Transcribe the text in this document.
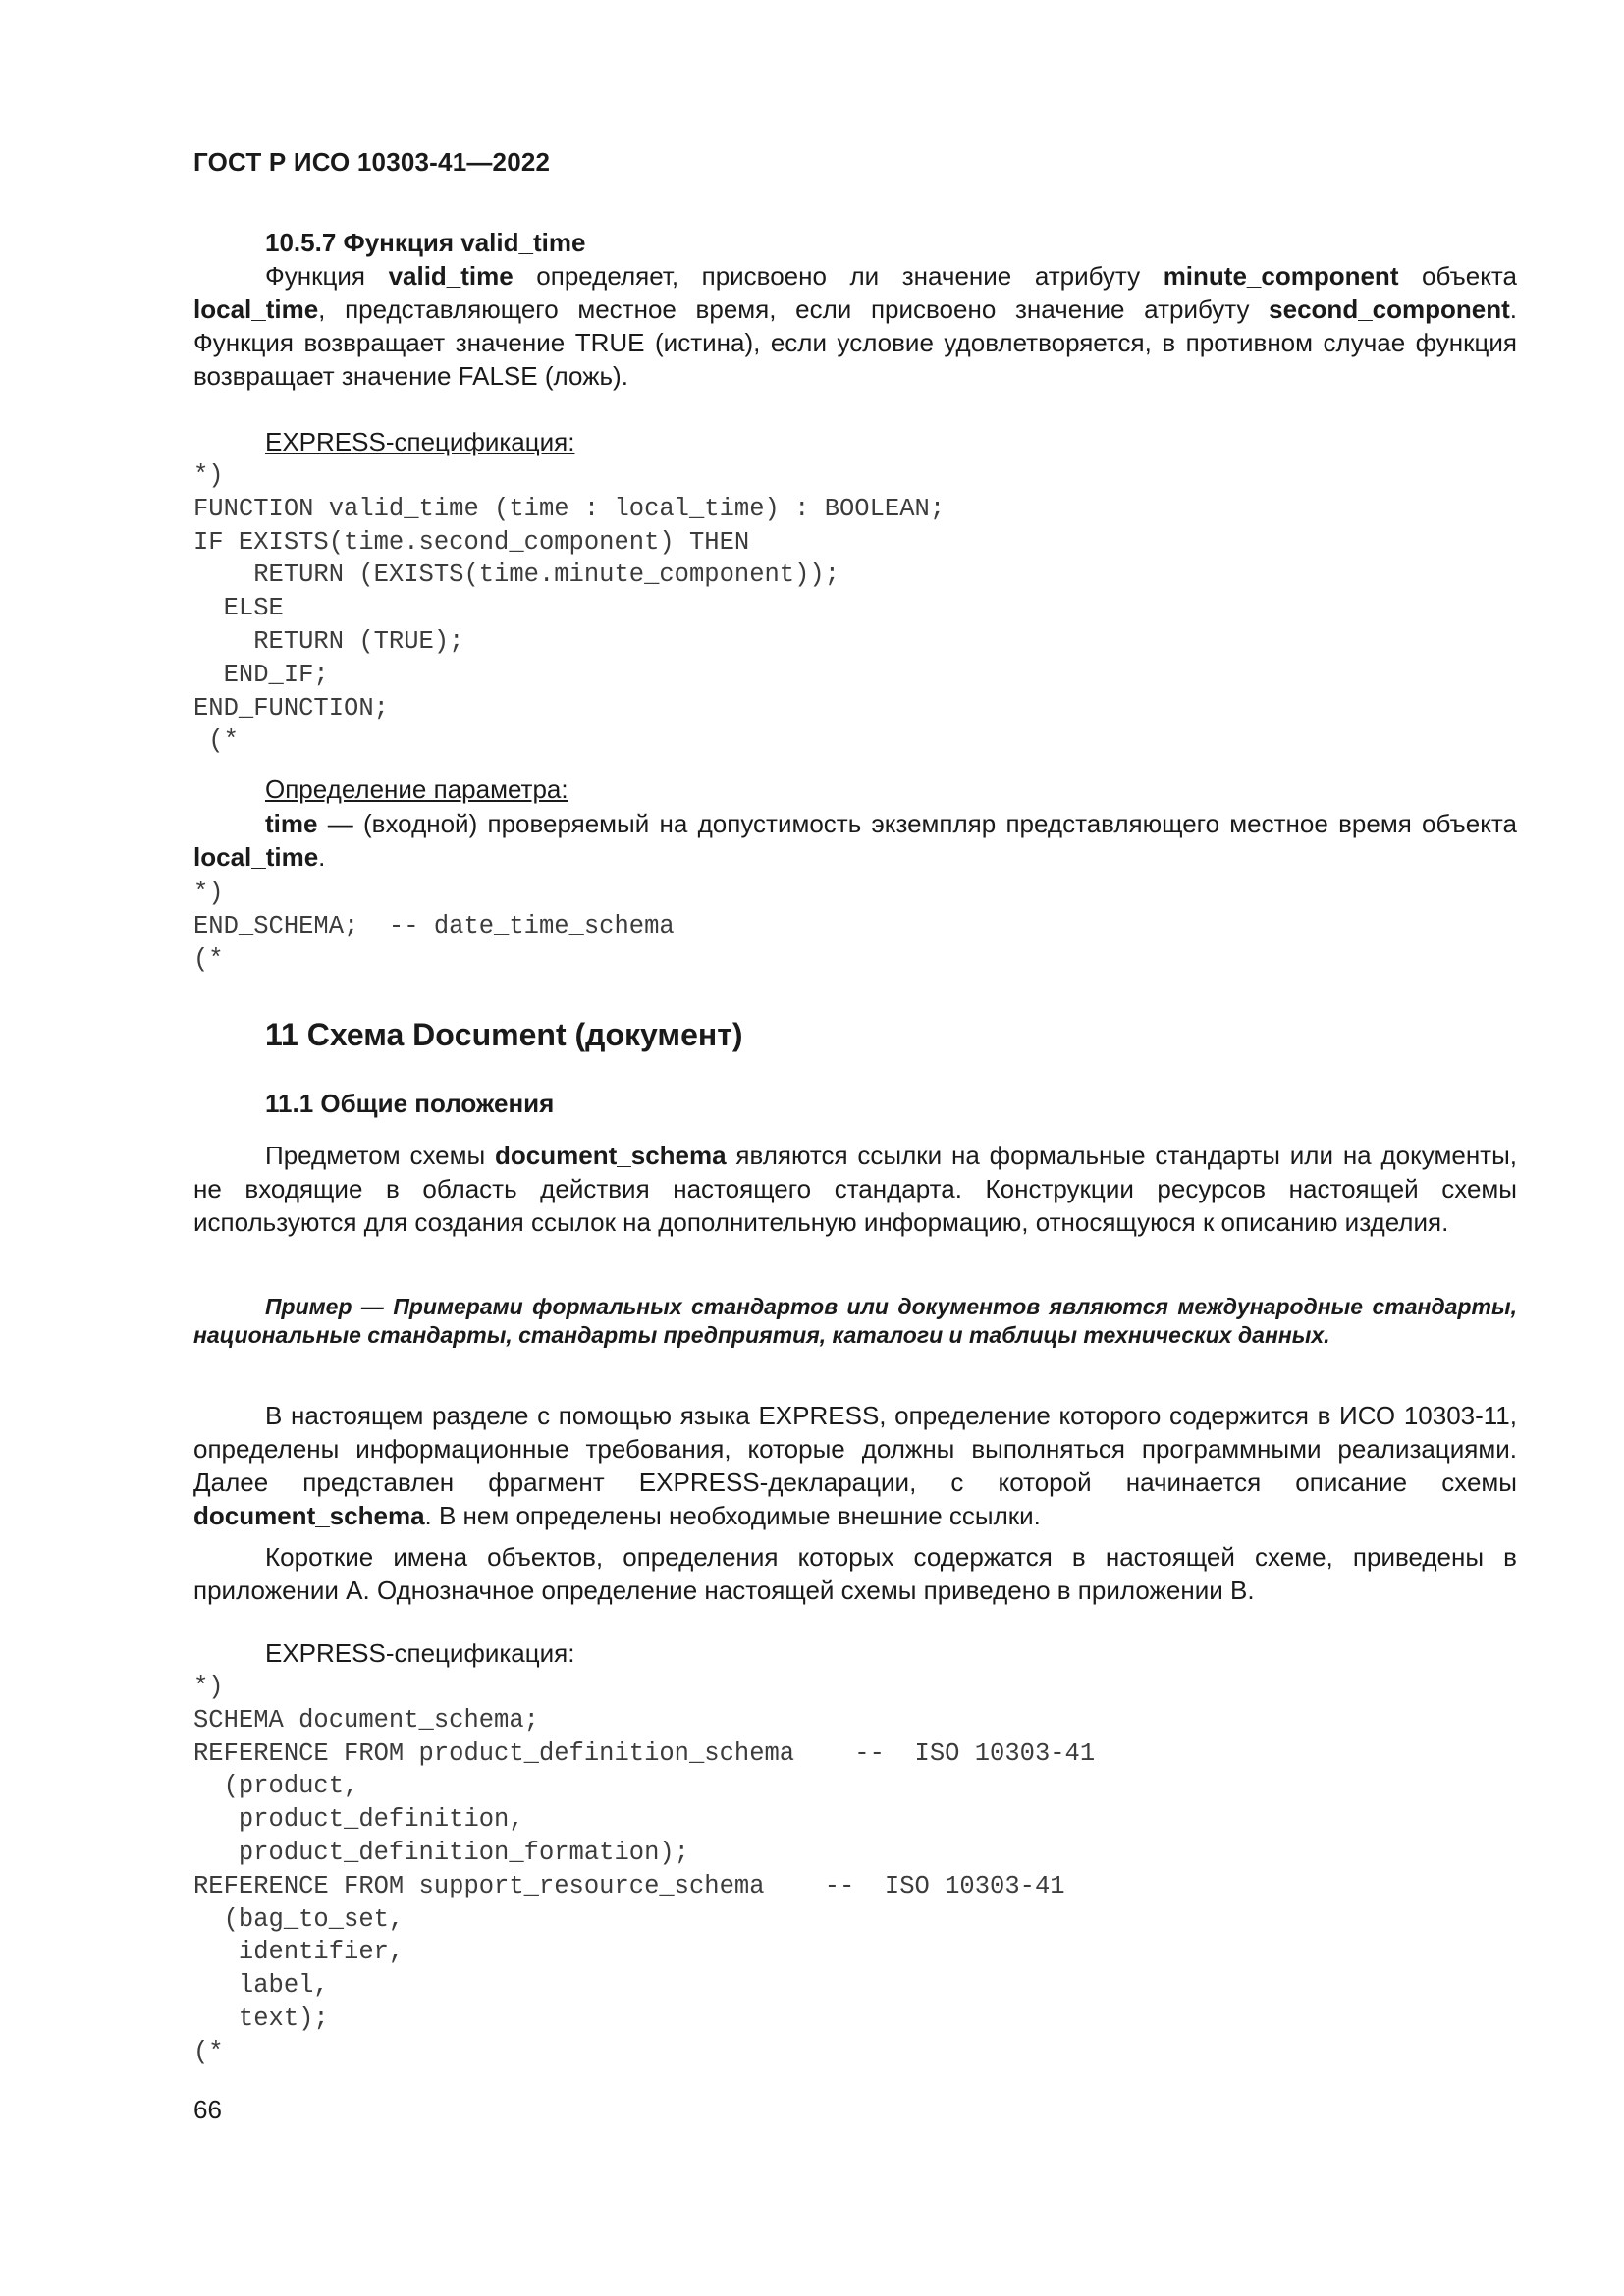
ГОСТ Р ИСО 10303-41—2022
10.5.7 Функция valid_time
Функция valid_time определяет, присвоено ли значение атрибуту minute_component объекта local_time, представляющего местное время, если присвоено значение атрибуту second_component. Функция возвращает значение TRUE (истина), если условие удовлетворяется, в противном случае функция возвращает значение FALSE (ложь).
EXPRESS-спецификация:
*)
FUNCTION valid_time (time : local_time) : BOOLEAN;
IF EXISTS(time.second_component) THEN
RETURN (EXISTS(time.minute_component));
ELSE
RETURN (TRUE);
END_IF;
END_FUNCTION;
(*
Определение параметра:
time — (входной) проверяемый на допустимость экземпляр представляющего местное время объекта local_time.
*)
END_SCHEMA;  -- date_time_schema
(*
11 Схема Document (документ)
11.1 Общие положения
Предметом схемы document_schema являются ссылки на формальные стандарты или на документы, не входящие в область действия настоящего стандарта. Конструкции ресурсов настоящей схемы используются для создания ссылок на дополнительную информацию, относящуюся к описанию изделия.
Пример — Примерами формальных стандартов или документов являются международные стандарты, национальные стандарты, стандарты предприятия, каталоги и таблицы технических данных.
В настоящем разделе с помощью языка EXPRESS, определение которого содержится в ИСО 10303-11, определены информационные требования, которые должны выполняться программными реализациями. Далее представлен фрагмент EXPRESS-декларации, с которой начинается описание схемы document_schema. В нем определены необходимые внешние ссылки.
Короткие имена объектов, определения которых содержатся в настоящей схеме, приведены в приложении А. Однозначное определение настоящей схемы приведено в приложении В.
EXPRESS-спецификация:
*)
SCHEMA document_schema;
REFERENCE FROM product_definition_schema    --  ISO 10303-41
(product,
product_definition,
product_definition_formation);
REFERENCE FROM support_resource_schema    --  ISO 10303-41
(bag_to_set,
identifier,
label,
text);
(*
66
